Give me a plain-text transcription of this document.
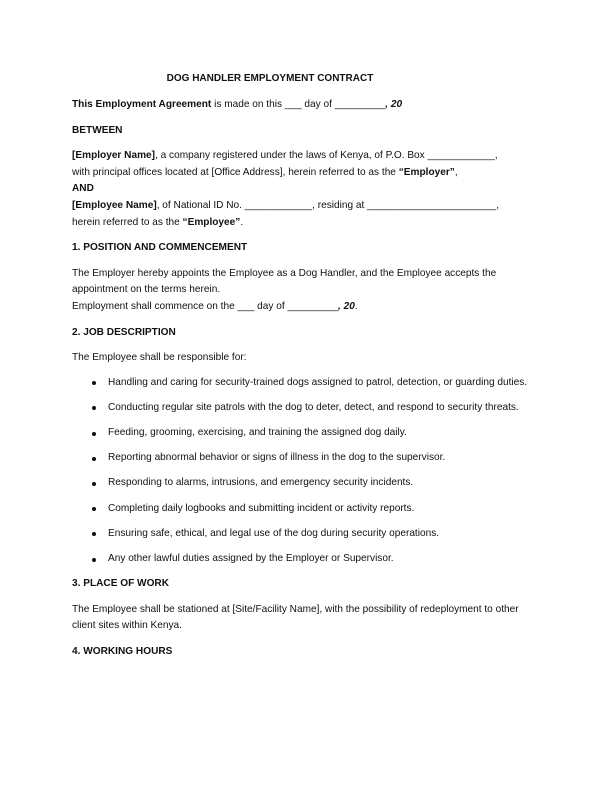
DOG HANDLER EMPLOYMENT CONTRACT

This Employment Agreement is made on this ___ day of _________, 20

BETWEEN

[Employer Name], a company registered under the laws of Kenya, of P.O. Box ____________,
with principal offices located at [Office Address], herein referred to as the “Employer”,

AND

[Employee Name], of National ID No. ____________, residing at _______________________,
herein referred to as the “Employee”.

1. POSITION AND COMMENCEMENT

The Employer hereby appoints the Employee as a Dog Handler, and the Employee accepts the appointment on the terms herein.

Employment shall commence on the ___ day of _________, 20.

2. JOB DESCRIPTION

The Employee shall be responsible for:

Handling and caring for security-trained dogs assigned to patrol, detection, or guarding duties.
Conducting regular site patrols with the dog to deter, detect, and respond to security threats.
Feeding, grooming, exercising, and training the assigned dog daily.
Reporting abnormal behavior or signs of illness in the dog to the supervisor.
Responding to alarms, intrusions, and emergency security incidents.
Completing daily logbooks and submitting incident or activity reports.
Ensuring safe, ethical, and legal use of the dog during security operations.
Any other lawful duties assigned by the Employer or Supervisor.

3. PLACE OF WORK

The Employee shall be stationed at [Site/Facility Name], with the possibility of redeployment to other client sites within Kenya.

4. WORKING HOURS
